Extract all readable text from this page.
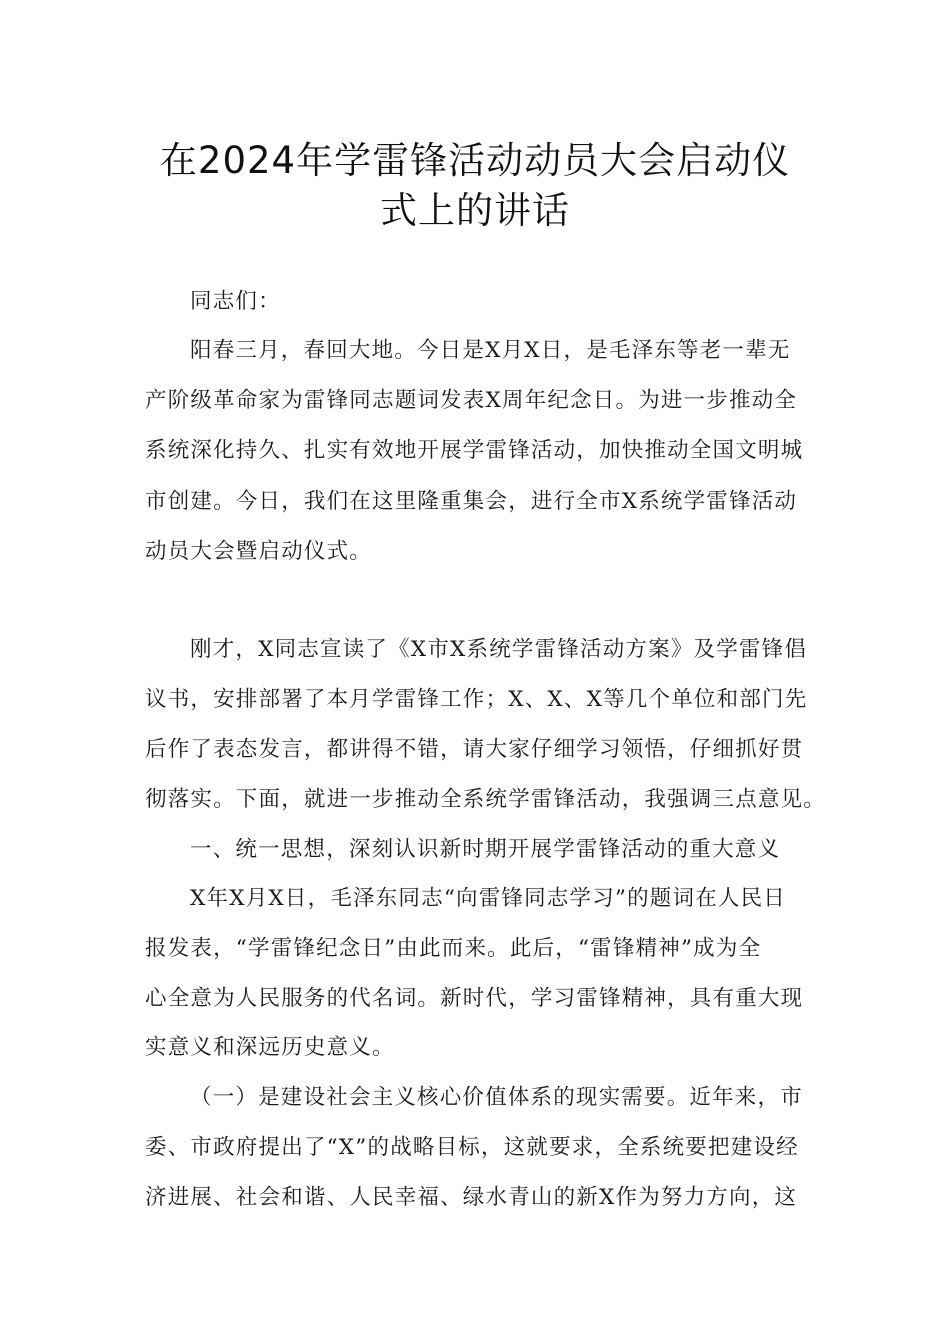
在2024年学雷锋活动动员大会启动仪
式上的讲话
同志们：
阳春三月，春回大地。今日是X月X日，是毛泽东等老一辈无
产阶级革命家为雷锋同志题词发表X周年纪念日。为进一步推动全
系统深化持久、扎实有效地开展学雷锋活动，加快推动全国文明城
市创建。今日，我们在这里隆重集会，进行全市X系统学雷锋活动
动员大会暨启动仪式。
刚才，X同志宣读了《X市X系统学雷锋活动方案》及学雷锋倡
议书，安排部署了本月学雷锋工作；X、X、X等几个单位和部门先
后作了表态发言，都讲得不错，请大家仔细学习领悟，仔细抓好贯
彻落实。下面，就进一步推动全系统学雷锋活动，我强调三点意见。
一、统一思想，深刻认识新时期开展学雷锋活动的重大意义
X年X月X日，毛泽东同志“向雷锋同志学习”的题词在人民日
报发表，“学雷锋纪念日”由此而来。此后，“雷锋精神”成为全
心全意为人民服务的代名词。新时代，学习雷锋精神，具有重大现
实意义和深远历史意义。
（一）是建设社会主义核心价值体系的现实需要。近年来，市
委、市政府提出了“X”的战略目标，这就要求，全系统要把建设经
济进展、社会和谐、人民幸福、绿水青山的新X作为努力方向，这
